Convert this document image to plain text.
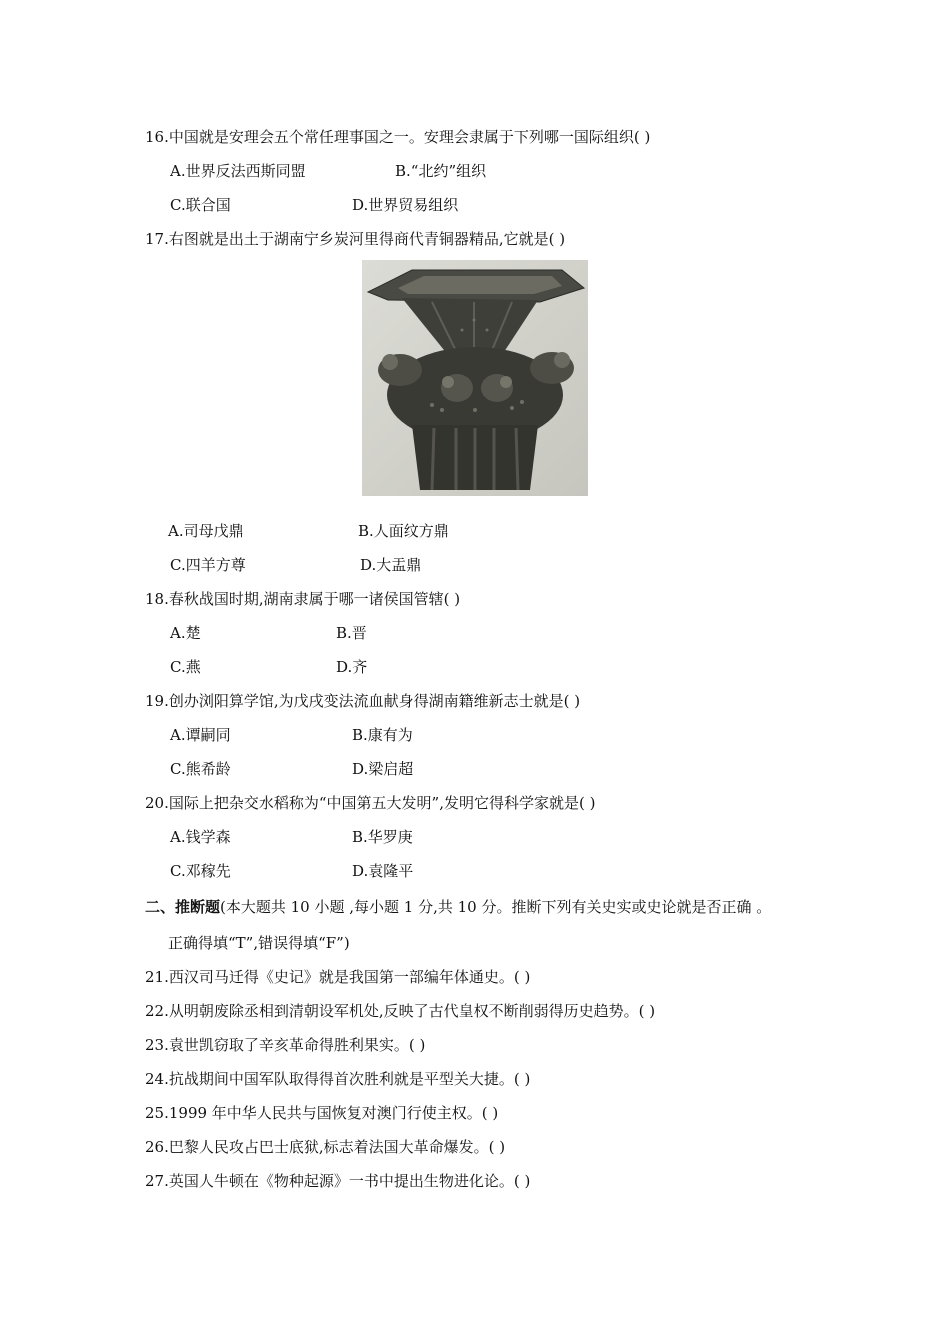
16.中国就是安理会五个常任理事国之一。安理会隶属于下列哪一国际组织( )
A.世界反法西斯同盟	B.“北约”组织
C.联合国	D.世界贸易组织
17.右图就是出土于湖南宁乡炭河里得商代青铜器精品,它就是( )
A.司母戊鼎	B.人面纹方鼎
C.四羊方尊	D.大盂鼎
18.春秋战国时期,湖南隶属于哪一诸侯国管辖( )
A.楚	B.晋
C.燕	D.齐
19.创办浏阳算学馆,为戊戌变法流血献身得湖南籍维新志士就是( )
A.谭嗣同	B.康有为
C.熊希龄	D.梁启超
20.国际上把杂交水稻称为“中国第五大发明”,发明它得科学家就是( )
A.钱学森	B.华罗庚
C.邓稼先	D.袁隆平
二、推断题(本大题共 10 小题 ,每小题 1 分,共 10 分。推断下列有关史实或史论就是否正确 。
正确得填“T”,错误得填“F”)
21.西汉司马迁得《史记》就是我国第一部编年体通史。( )
22.从明朝废除丞相到清朝设军机处,反映了古代皇权不断削弱得历史趋势。( )
23.袁世凯窃取了辛亥革命得胜利果实。( )
24.抗战期间中国军队取得得首次胜利就是平型关大捷。( )
25.1999 年中华人民共与国恢复对澳门行使主权。( )
26.巴黎人民攻占巴士底狱,标志着法国大革命爆发。( )
27.英国人牛顿在《物种起源》一书中提出生物进化论。( )
